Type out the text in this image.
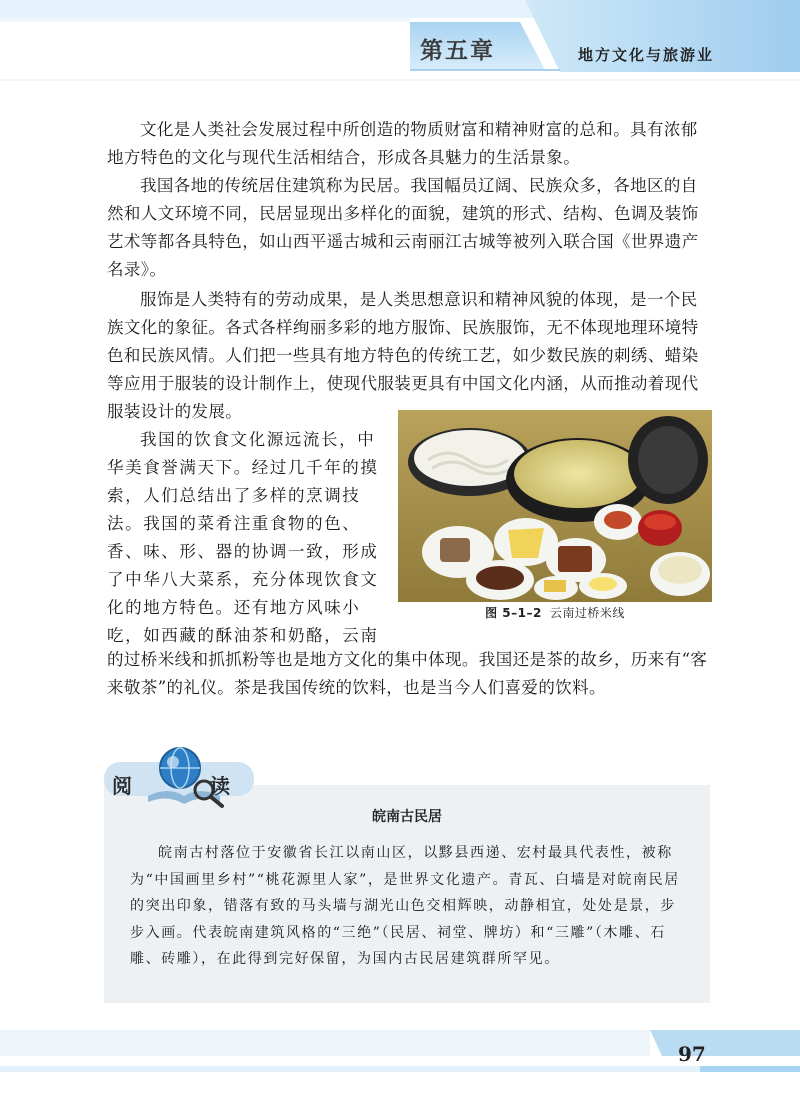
第五章	地方文化与旅游业

文化是人类社会发展过程中所创造的物质财富和精神财富的总和。具有浓郁地方特色的文化与现代生活相结合，形成各具魅力的生活景象。

我国各地的传统居住建筑称为民居。我国幅员辽阔、民族众多，各地区的自然和人文环境不同，民居显现出多样化的面貌，建筑的形式、结构、色调及装饰艺术等都各具特色，如山西平遥古城和云南丽江古城等被列入联合国《世界遗产名录》。

服饰是人类特有的劳动成果，是人类思想意识和精神风貌的体现，是一个民族文化的象征。各式各样绚丽多彩的地方服饰、民族服饰，无不体现地理环境特色和民族风情。人们把一些具有地方特色的传统工艺，如少数民族的刺绣、蜡染等应用于服装的设计制作上，使现代服装更具有中国文化内涵，从而推动着现代服装设计的发展。

我国的饮食文化源远流长，中华美食誉满天下。经过几千年的摸索，人们总结出了多样的烹调技法。我国的菜肴注重食物的色、香、味、形、器的协调一致，形成了中华八大菜系，充分体现饮食文化的地方特色。还有地方风味小吃，如西藏的酥油茶和奶酪，云南

的过桥米线和抓抓粉等也是地方文化的集中体现。我国还是茶的故乡，历来有“客来敬茶”的礼仪。茶是我国传统的饮料，也是当今人们喜爱的饮料。

图 5–1–2 云南过桥米线
阅	读
皖南古民居

皖南古村落位于安徽省长江以南山区，以黟县西递、宏村最具代表性，被称为“中国画里乡村”“桃花源里人家”，是世界文化遗产。青瓦、白墙是对皖南民居的突出印象，错落有致的马头墙与湖光山色交相辉映，动静相宜，处处是景，步步入画。代表皖南建筑风格的“三绝”（民居、祠堂、牌坊）和“三雕”（木雕、石雕、砖雕），在此得到完好保留，为国内古民居建筑群所罕见。

97
